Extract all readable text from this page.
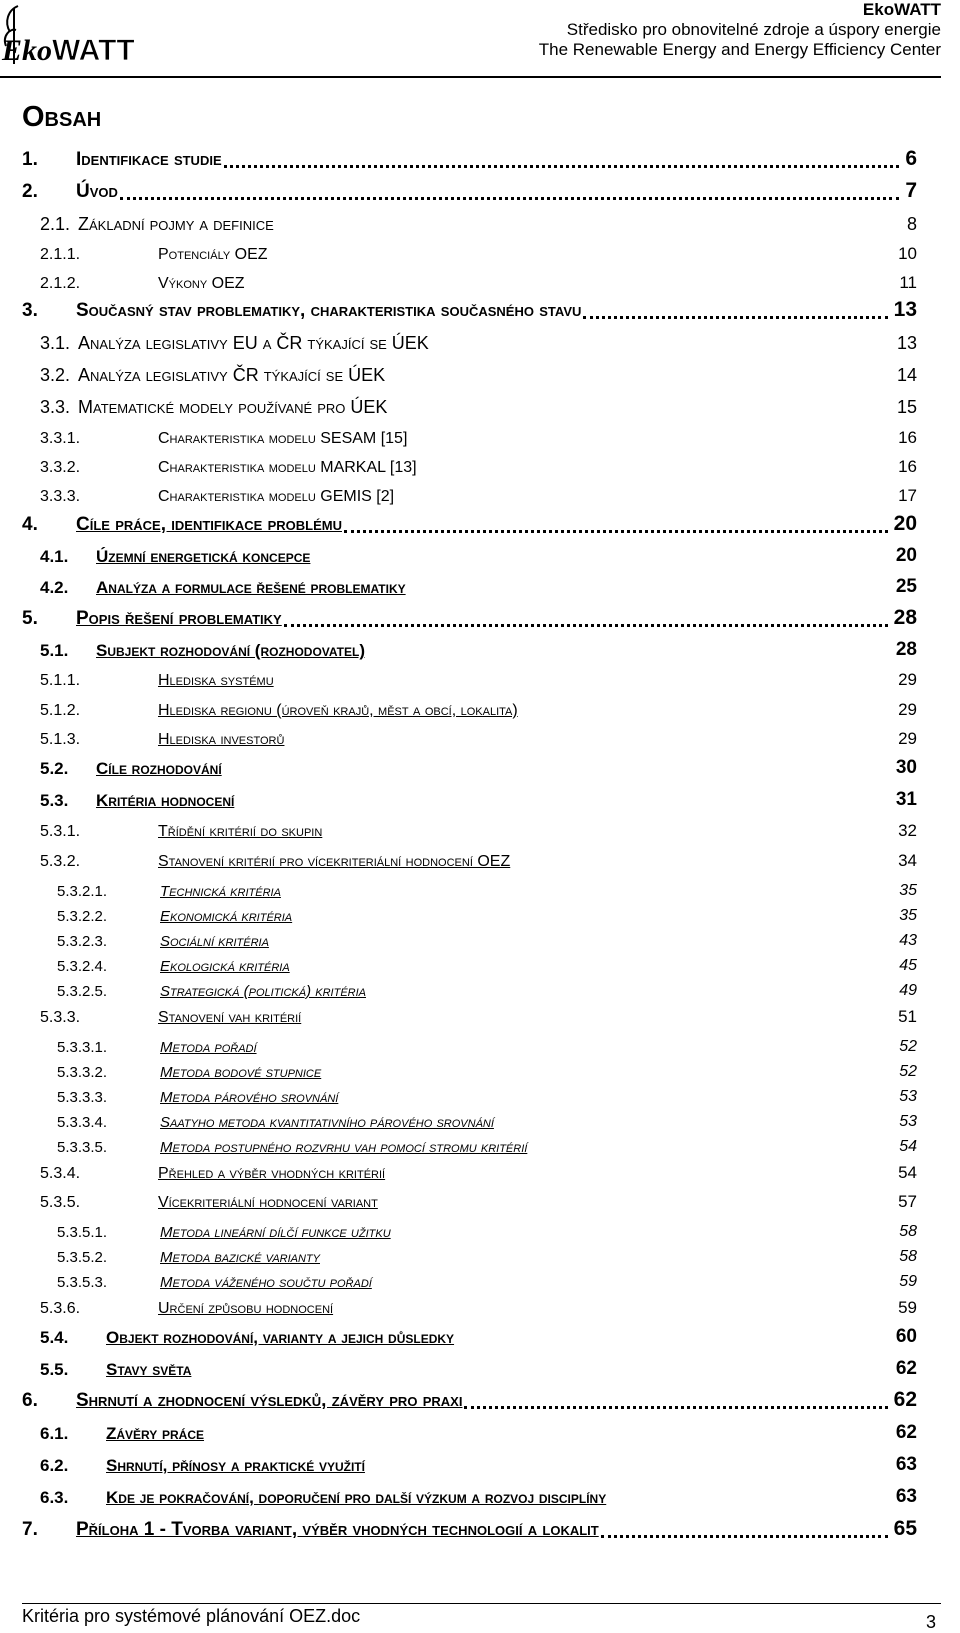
Eko WATT
EkoWATT
Středisko pro obnovitelné zdroje a úspory energie
The Renewable Energy and Energy Efficiency Center
Obsah
1. Identifikace studie	6
2. Úvod	7
2.1. Základní pojmy a definice	8
2.1.1.	Potenciály OEZ	10
2.1.2.	Výkony OEZ	11
3. Současný stav problematiky, charakteristika současného stavu	13
3.1. Analýza legislativy EU a ČR týkající se ÚEK	13
3.2. Analýza legislativy ČR týkající se ÚEK	14
3.3. Matematické modely používané pro ÚEK	15
3.3.1.	Charakteristika modelu SESAM [15]	16
3.3.2.	Charakteristika modelu MARKAL [13]	16
3.3.3.	Charakteristika modelu GEMIS [2]	17
4. Cíle práce, identifikace problému	20
4.1. Územní energetická koncepce	20
4.2. Analýza a formulace řešené problematiky	25
5. Popis řešení problematiky	28
5.1. Subjekt rozhodování (rozhodovatel)	28
5.1.1.	Hlediska systému	29
5.1.2.	Hlediska regionu (úroveň krajů, měst a obcí, lokalita)	29
5.1.3.	Hlediska investorů	29
5.2. Cíle rozhodování	30
5.3. Kritéria hodnocení	31
5.3.1.	Třídění kritérií do skupin	32
5.3.2.	Stanovení kritérií pro vícekriteriální hodnocení OEZ	34
5.3.2.1.	Technická kritéria	35
5.3.2.2.	Ekonomická kritéria	35
5.3.2.3.	Sociální kritéria	43
5.3.2.4.	Ekologická kritéria	45
5.3.2.5.	Strategická (politická) kritéria	49
5.3.3.	Stanovení vah kritérií	51
5.3.3.1.	Metoda pořadí	52
5.3.3.2.	Metoda bodové stupnice	52
5.3.3.3.	Metoda párového srovnání	53
5.3.3.4.	Saatyho metoda kvantitativního párového srovnání	53
5.3.3.5.	Metoda postupného rozvrhu vah pomocí stromu kritérií	54
5.3.4.	Přehled a výběr vhodných kritérií	54
5.3.5.	Vícekriteriální hodnocení variant	57
5.3.5.1.	Metoda lineární dílčí funkce užitku	58
5.3.5.2.	Metoda bazické varianty	58
5.3.5.3.	Metoda váženého součtu pořadí	59
5.3.6.	Určení způsobu hodnocení	59
5.4. Objekt rozhodování, varianty a jejich důsledky	60
5.5. Stavy světa	62
6. Shrnutí a zhodnocení výsledků, závěry pro praxi	62
6.1. Závěry práce	62
6.2. Shrnutí, přínosy a praktické využití	63
6.3. Kde je pokračování, doporučení pro další výzkum a rozvoj disciplíny	63
7. Příloha 1 - Tvorba variant, výběr vhodných technologií a lokalit	65
Kritéria pro systémové plánování OEZ.doc	3
